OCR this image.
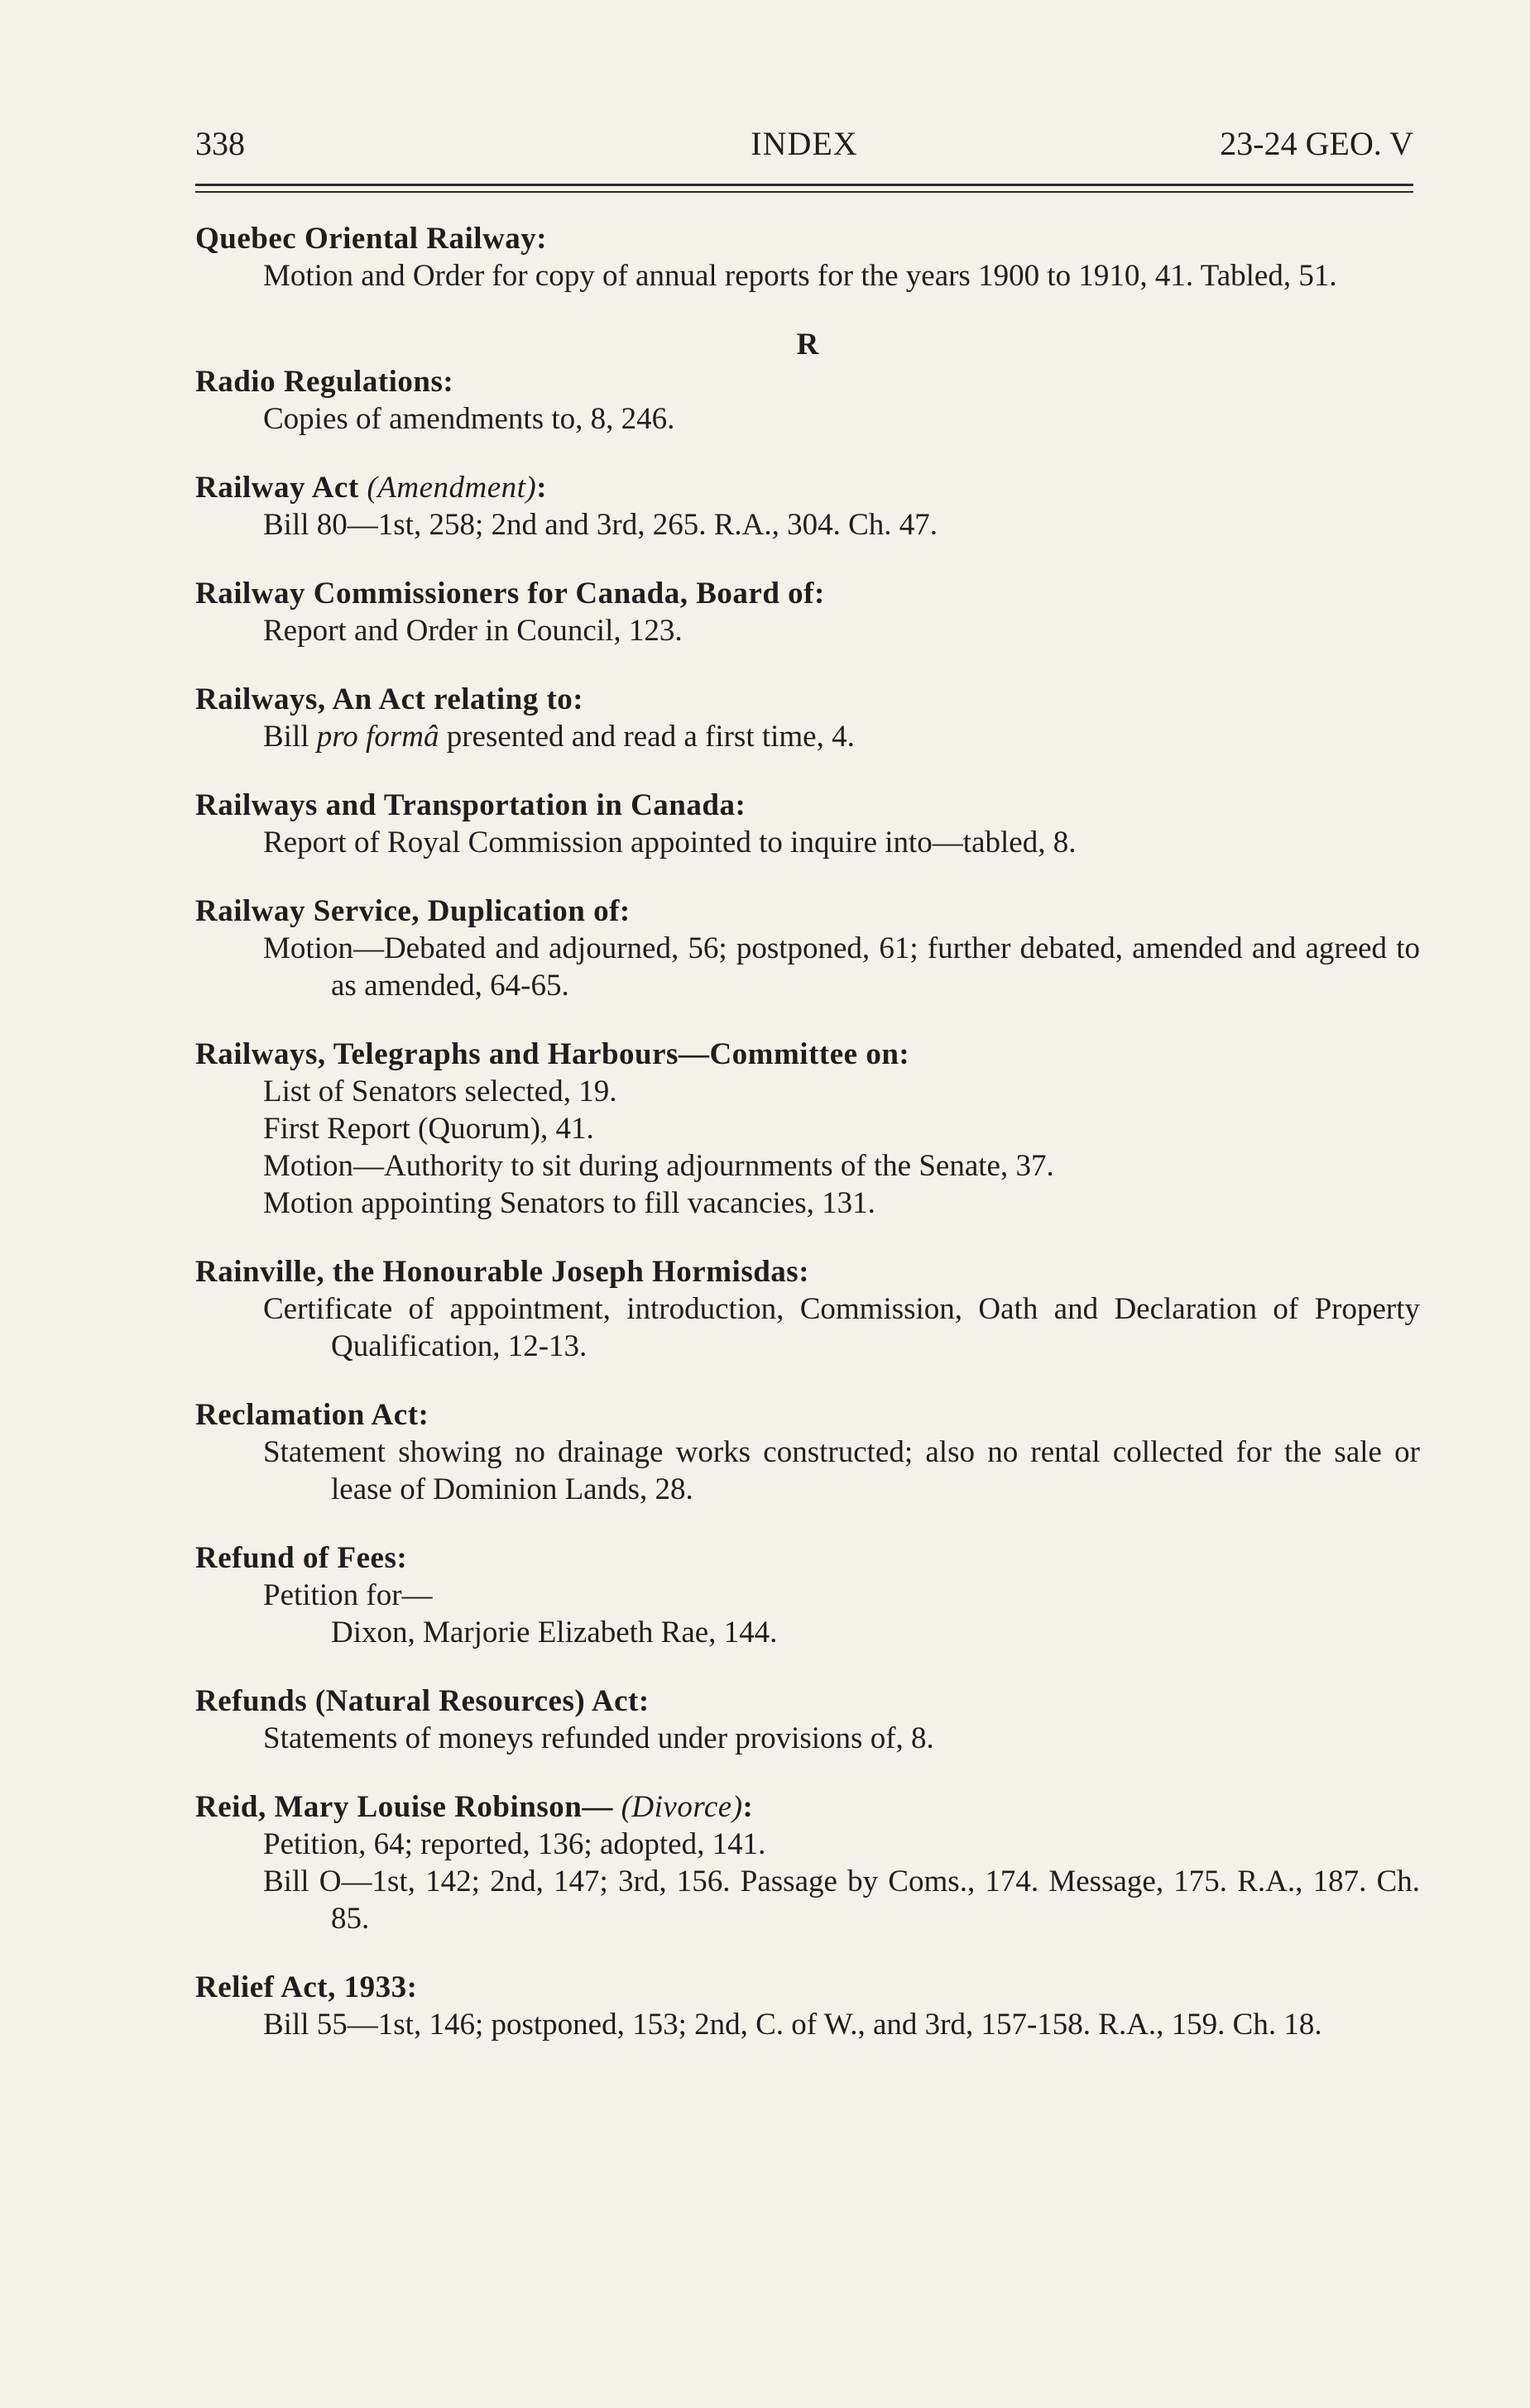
338	INDEX	23-24 GEO. V
Quebec Oriental Railway:
Motion and Order for copy of annual reports for the years 1900 to 1910, 41. Tabled, 51.
R
Radio Regulations:
Copies of amendments to, 8, 246.
Railway Act (Amendment):
Bill 80—1st, 258; 2nd and 3rd, 265. R.A., 304. Ch. 47.
Railway Commissioners for Canada, Board of:
Report and Order in Council, 123.
Railways, An Act relating to:
Bill pro formâ presented and read a first time, 4.
Railways and Transportation in Canada:
Report of Royal Commission appointed to inquire into—tabled, 8.
Railway Service, Duplication of:
Motion—Debated and adjourned, 56; postponed, 61; further debated, amended and agreed to as amended, 64-65.
Railways, Telegraphs and Harbours—Committee on:
List of Senators selected, 19.
First Report (Quorum), 41.
Motion—Authority to sit during adjournments of the Senate, 37.
Motion appointing Senators to fill vacancies, 131.
Rainville, the Honourable Joseph Hormisdas:
Certificate of appointment, introduction, Commission, Oath and Declaration of Property Qualification, 12-13.
Reclamation Act:
Statement showing no drainage works constructed; also no rental collected for the sale or lease of Dominion Lands, 28.
Refund of Fees:
Petition for—
Dixon, Marjorie Elizabeth Rae, 144.
Refunds (Natural Resources) Act:
Statements of moneys refunded under provisions of, 8.
Reid, Mary Louise Robinson— (Divorce):
Petition, 64; reported, 136; adopted, 141.
Bill O—1st, 142; 2nd, 147; 3rd, 156. Passage by Coms., 174. Message, 175. R.A., 187. Ch. 85.
Relief Act, 1933:
Bill 55—1st, 146; postponed, 153; 2nd, C. of W., and 3rd, 157-158. R.A., 159. Ch. 18.
